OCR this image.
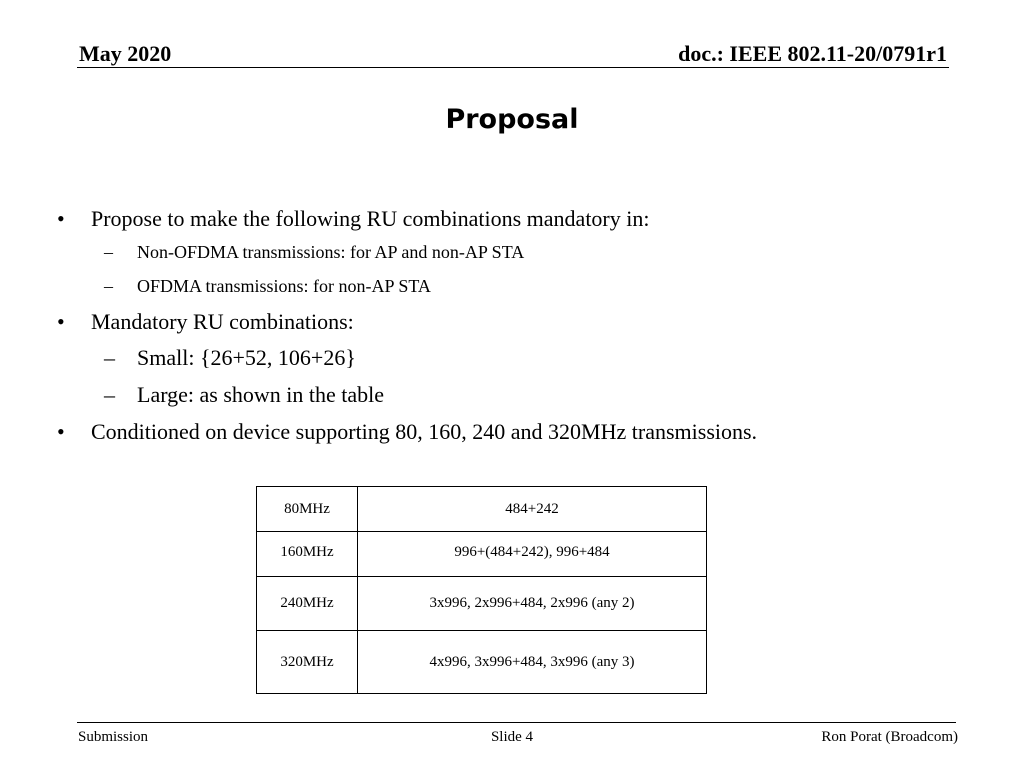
May 2020	doc.: IEEE 802.11-20/0791r1
Proposal
• Propose to make the following RU combinations mandatory in:
– Non-OFDMA transmissions: for AP and non-AP STA
– OFDMA transmissions: for non-AP STA
• Mandatory RU combinations:
– Small: {26+52, 106+26}
– Large: as shown in the table
• Conditioned on device supporting 80, 160, 240 and 320MHz transmissions.
80MHz	484+242

160MHz	996+(484+242), 996+484

240MHz	3x996, 2x996+484, 2x996 (any 2)
320MHz	4x996, 3x996+484, 3x996 (any 3)
Submission	Slide 4	Ron Porat (Broadcom)
